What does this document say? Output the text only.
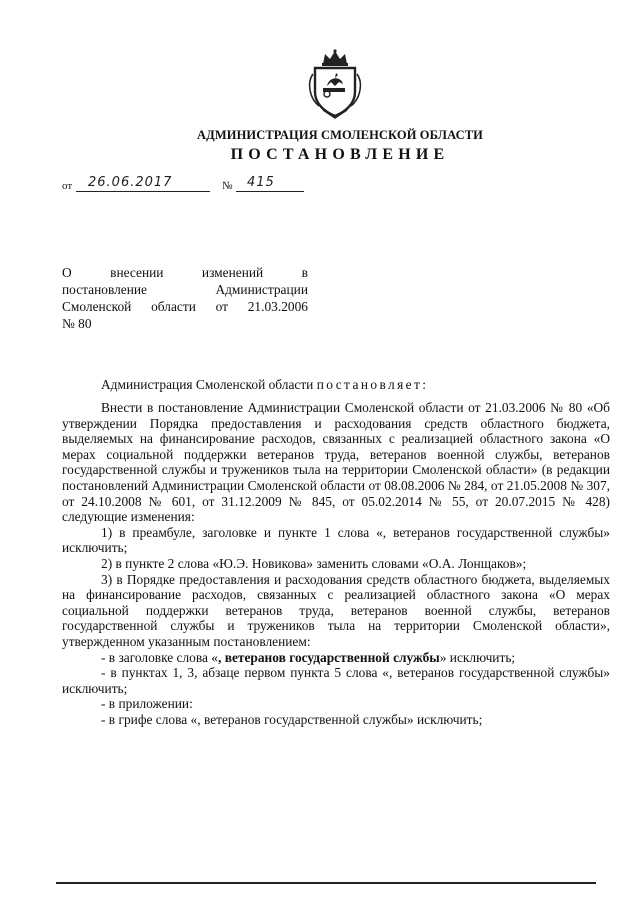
АДМИНИСТРАЦИЯ СМОЛЕНСКОЙ ОБЛАСТИ
ПОСТАНОВЛЕНИЕ
от 26.06.2017	№ 415

О внесении изменений в

постановление Администрации

Смоленской области от 21.03.2006

№ 80

Администрация Смоленской области постановляет:

Внести в постановление Администрации Смоленской области от 21.03.2006 № 80 «Об утверждении Порядка предоставления и расходования средств областного бюджета, выделяемых на финансирование расходов, связанных с реализацией областного закона «О мерах социальной поддержки ветеранов труда, ветеранов военной службы, ветеранов государственной службы и тружеников тыла на территории Смоленской области» (в редакции постановлений Администрации Смоленской области от 08.08.2006 № 284, от 21.05.2008 № 307, от 24.10.2008 № 601, от 31.12.2009 № 845, от 05.02.2014 № 55, от 20.07.2015 № 428) следующие изменения:

1) в преамбуле, заголовке и пункте 1 слова «, ветеранов государственной службы» исключить;

2) в пункте 2 слова «Ю.Э. Новикова» заменить словами «О.А. Лонщаков»;

3) в Порядке предоставления и расходования средств областного бюджета, выделяемых на финансирование расходов, связанных с реализацией областного закона «О мерах социальной поддержки ветеранов труда, ветеранов военной службы, ветеранов государственной службы и тружеников тыла на территории Смоленской области», утвержденном указанным постановлением:

- в заголовке слова «, ветеранов государственной службы» исключить;

- в пунктах 1, 3, абзаце первом пункта 5 слова «, ветеранов государственной службы» исключить;

- в приложении:

- в грифе слова «, ветеранов государственной службы» исключить;
